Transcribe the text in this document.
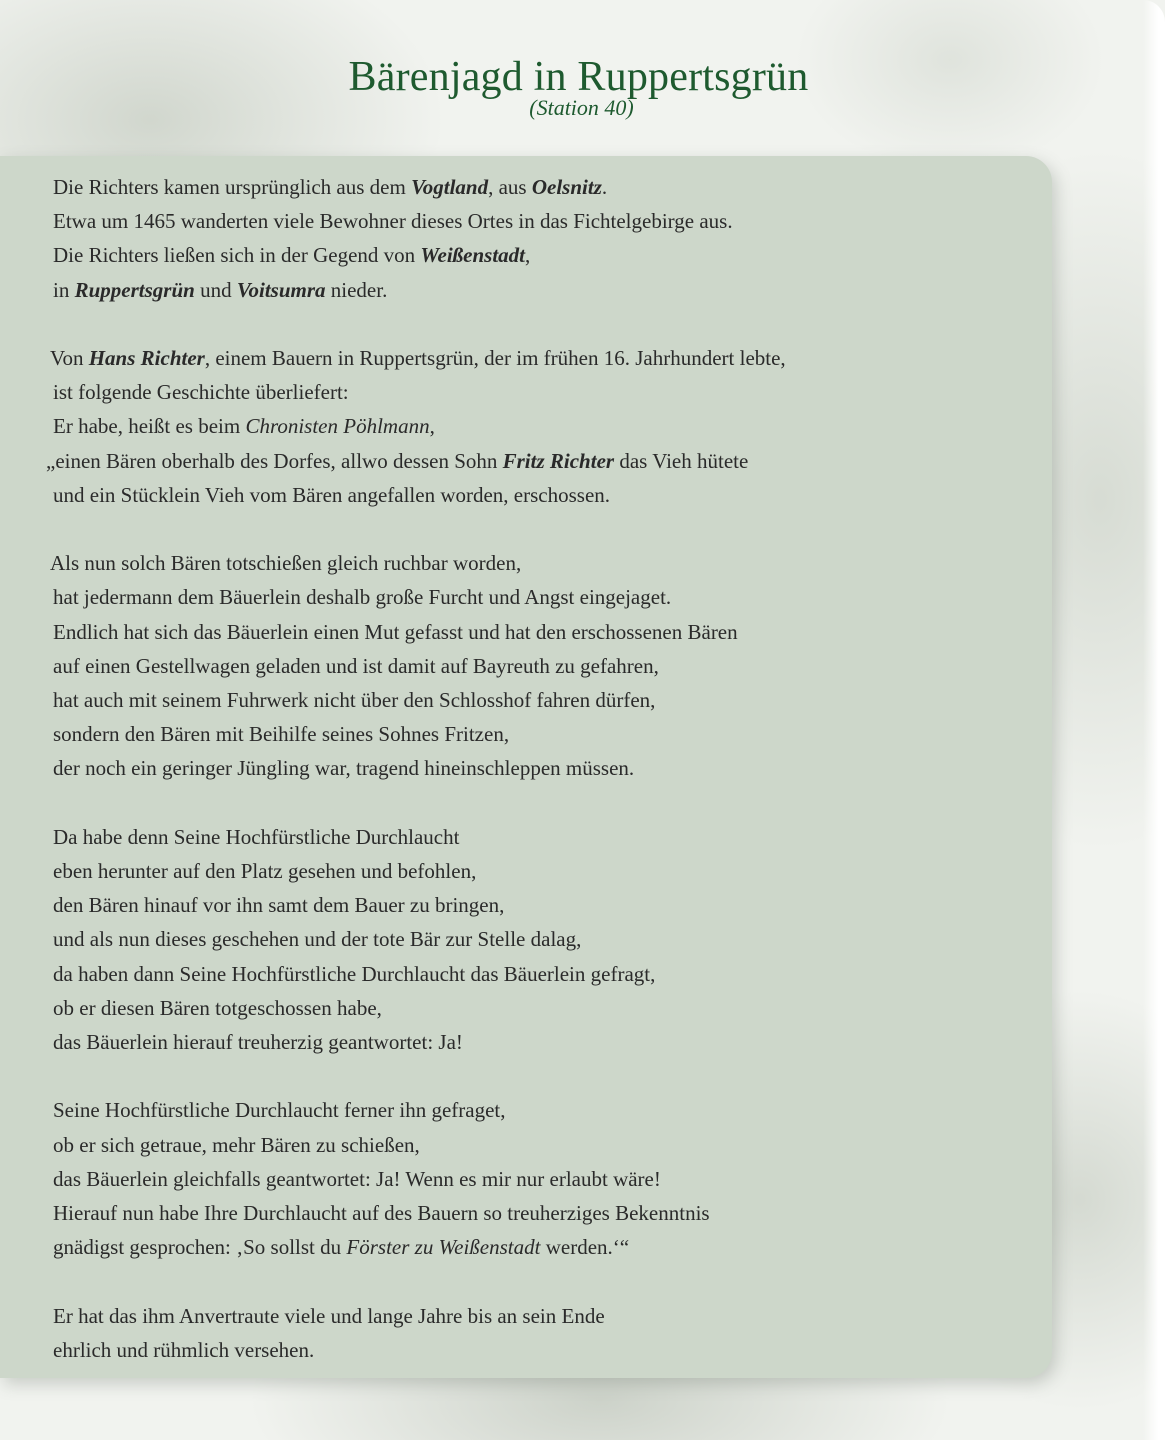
Bärenjagd in Ruppertsgrün
(Station 40)

Die Richters kamen ursprünglich aus dem Vogtland, aus Oelsnitz.
Etwa um 1465 wanderten viele Bewohner dieses Ortes in das Fichtelgebirge aus.
Die Richters ließen sich in der Gegend von Weißenstadt,
in Ruppertsgrün und Voitsumra nieder.

Von Hans Richter, einem Bauern in Ruppertsgrün, der im frühen 16. Jahrhundert lebte,
ist folgende Geschichte überliefert:
Er habe, heißt es beim Chronisten Pöhlmann,
„einen Bären oberhalb des Dorfes, allwo dessen Sohn Fritz Richter das Vieh hütete
und ein Stücklein Vieh vom Bären angefallen worden, erschossen.

Als nun solch Bären totschießen gleich ruchbar worden,
hat jedermann dem Bäuerlein deshalb große Furcht und Angst eingejaget.
Endlich hat sich das Bäuerlein einen Mut gefasst und hat den erschossenen Bären
auf einen Gestellwagen geladen und ist damit auf Bayreuth zu gefahren,
hat auch mit seinem Fuhrwerk nicht über den Schlosshof fahren dürfen,
sondern den Bären mit Beihilfe seines Sohnes Fritzen,
der noch ein geringer Jüngling war, tragend hineinschleppen müssen.

Da habe denn Seine Hochfürstliche Durchlaucht
eben herunter auf den Platz gesehen und befohlen,
den Bären hinauf vor ihn samt dem Bauer zu bringen,
und als nun dieses geschehen und der tote Bär zur Stelle dalag,
da haben dann Seine Hochfürstliche Durchlaucht das Bäuerlein gefragt,
ob er diesen Bären totgeschossen habe,
das Bäuerlein hierauf treuherzig geantwortet: Ja!

Seine Hochfürstliche Durchlaucht ferner ihn gefraget,
ob er sich getraue, mehr Bären zu schießen,
das Bäuerlein gleichfalls geantwortet: Ja! Wenn es mir nur erlaubt wäre!
Hierauf nun habe Ihre Durchlaucht auf des Bauern so treuherziges Bekenntnis
gnädigst gesprochen: ‚So sollst du Förster zu Weißenstadt werden.‘“

Er hat das ihm Anvertraute viele und lange Jahre bis an sein Ende
ehrlich und rühmlich versehen.
